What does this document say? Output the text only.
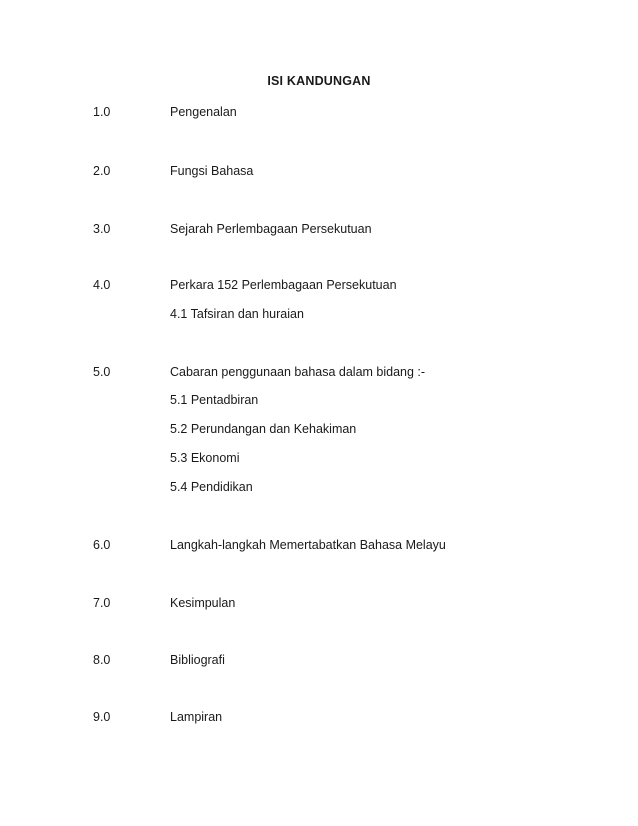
ISI KANDUNGAN
1.0	Pengenalan
2.0	Fungsi Bahasa
3.0	Sejarah Perlembagaan Persekutuan
4.0	Perkara 152 Perlembagaan Persekutuan
4.1 Tafsiran dan huraian
5.0	Cabaran penggunaan bahasa dalam bidang :-
5.1 Pentadbiran
5.2 Perundangan dan Kehakiman
5.3 Ekonomi
5.4 Pendidikan
6.0	Langkah-langkah Memertabatkan Bahasa Melayu
7.0	Kesimpulan
8.0	Bibliografi
9.0	Lampiran
